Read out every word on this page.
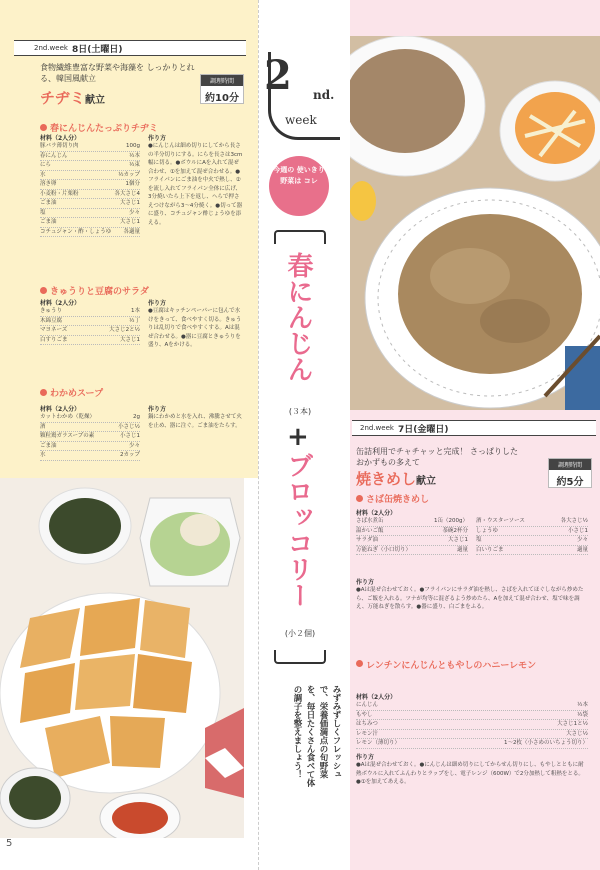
2nd.week 8日(土曜日)
食物繊維豊富な野菜や海藻を しっかりとれる、韓国風献立
チヂミ献立
調理時間
約10分
春にんじんたっぷりチヂミ
材料（2人分）
豚バラ薄切り肉	100g
春にんじん	½本
にら	½束
水	½カップ
溶き卵	1個分
小麦粉・片栗粉	各大さじ4
ごま油	大さじ1
塩	少々
ごま油	大さじ1
コチュジャン・酢・しょうゆ 各適量
作り方
●にんじんは細め切りにしてから長さの半分切りにする。にらを長さは3cm幅に切る。●ボウルにAを入れて混ぜ合わせ、①を加えて混ぜ合わせる。●フライパンにごま油を中火で熱し、②を流し入れてフライパン全体に広げ、3分焼いたら上下を返し、へらで押さえつけながら3～4分焼く。●切って器に盛り、コチュジャン酢じょうゆを添える。
きゅうりと豆腐のサラダ
材料（2人分）
きゅうり	1本
木綿豆腐	½丁
マヨネーズ	大さじ2と½
白すりごま	大さじ1
作り方
●豆腐はキッチンペーパーに包んで水けをきって、食べやすく切る。きゅうりは乱切りで食べやすくする。Aは混ぜ合わせる。●器に豆腐ときゅうりを盛り、Aをかける。
わかめスープ
材料（2人分）
カットわかめ（乾燥）	2g
酒	小さじ½
顆粒鶏ガラスープの素	小さじ1
ごま油	少々
水	2カップ
作り方
鍋にわかめと水を入れ、沸騰させて火を止め、器に注ぐ。ごま油をたらす。
5
2 nd.
week
今週の 使いきり 野菜は コレ
春にんじん
(３本)
+
ブロッコリー
(小２個)
みずみずしくフレッシュで、栄養価満点の旬野菜を、毎日たくさん食べて体の調子を整えましょう！
2nd.week 7日(金曜日)
缶詰利用でチャチャッと完成！ さっぱりしたおかずもの多えて
焼きめし献立
調理時間
約5分
さば缶焼きめし
材料（2人分）
さば水煮缶	1缶（200g）
温かいご飯	茶碗2杯分
サラダ油	大さじ1
万能ねぎ（小口切り）	適量
酒・ウスターソース	各大さじ½
しょうゆ	小さじ1
塩	少々
白いりごま	適量
作り方
●Aは混ぜ合わせておく。●フライパンにサラダ油を熱し、さばを入れてほぐしながら炒めたら、ご飯を入れる。ツナが均等に混ざるよう炒めたら、Aを加えて混ぜ合わせ、塩で味を調え、万能ねぎを散らす。●器に盛り、白ごまをふる。
レンチンにんじんともやしのハニーレモン
材料（2人分）
にんじん	½本
もやし	½袋
はちみつ	大さじ1と½
レモン汁	大さじ½
レモン（薄切り）	1～2枚（小さめのいちょう切り）
作り方
●Aは混ぜ合わせておく。●にんじんは細め切りにしてからせん切りにし、もやしとともに耐熱ボウルに入れてふんわりとラップをし、電子レンジ（600W）で2分加熱して粗熱をとる。●①を加えてあえる。
